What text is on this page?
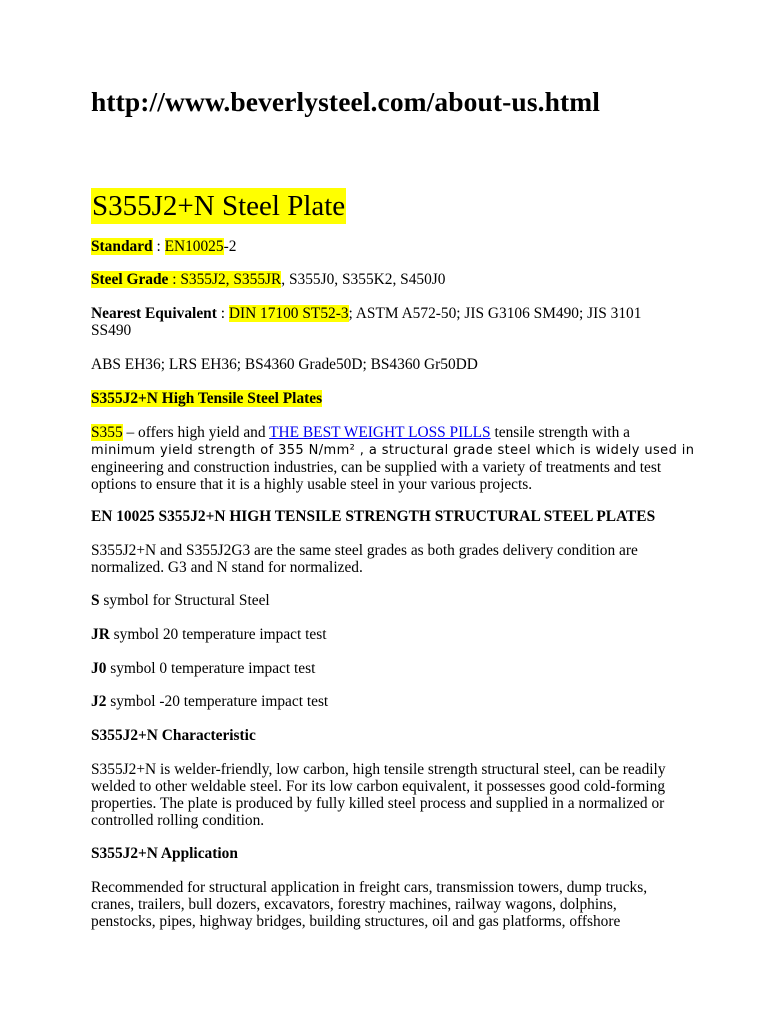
http://www.beverlysteel.com/about-us.html
S355J2+N Steel Plate
Standard : EN10025-2
Steel Grade : S355J2, S355JR, S355J0, S355K2, S450J0
Nearest Equivalent : DIN 17100 ST52-3; ASTM A572-50; JIS G3106 SM490; JIS 3101
SS490
ABS EH36; LRS EH36; BS4360 Grade50D; BS4360 Gr50DD
S355J2+N High Tensile Steel Plates
S355 – offers high yield and THE BEST WEIGHT LOSS PILLS tensile strength with a
minimum yield strength of 355 N/mm² , a structural grade steel which is widely used in
engineering and construction industries, can be supplied with a variety of treatments and test
options to ensure that it is a highly usable steel in your various projects.
EN 10025 S355J2+N HIGH TENSILE STRENGTH STRUCTURAL STEEL PLATES
S355J2+N and S355J2G3 are the same steel grades as both grades delivery condition are
normalized. G3 and N stand for normalized.
S symbol for Structural Steel
JR symbol 20 temperature impact test
J0 symbol 0 temperature impact test
J2 symbol -20 temperature impact test
S355J2+N Characteristic
S355J2+N is welder-friendly, low carbon, high tensile strength structural steel, can be readily
welded to other weldable steel. For its low carbon equivalent, it possesses good cold-forming
properties. The plate is produced by fully killed steel process and supplied in a normalized or
controlled rolling condition.
S355J2+N Application
Recommended for structural application in freight cars, transmission towers, dump trucks,
cranes, trailers, bull dozers, excavators, forestry machines, railway wagons, dolphins,
penstocks, pipes, highway bridges, building structures, oil and gas platforms, offshore
